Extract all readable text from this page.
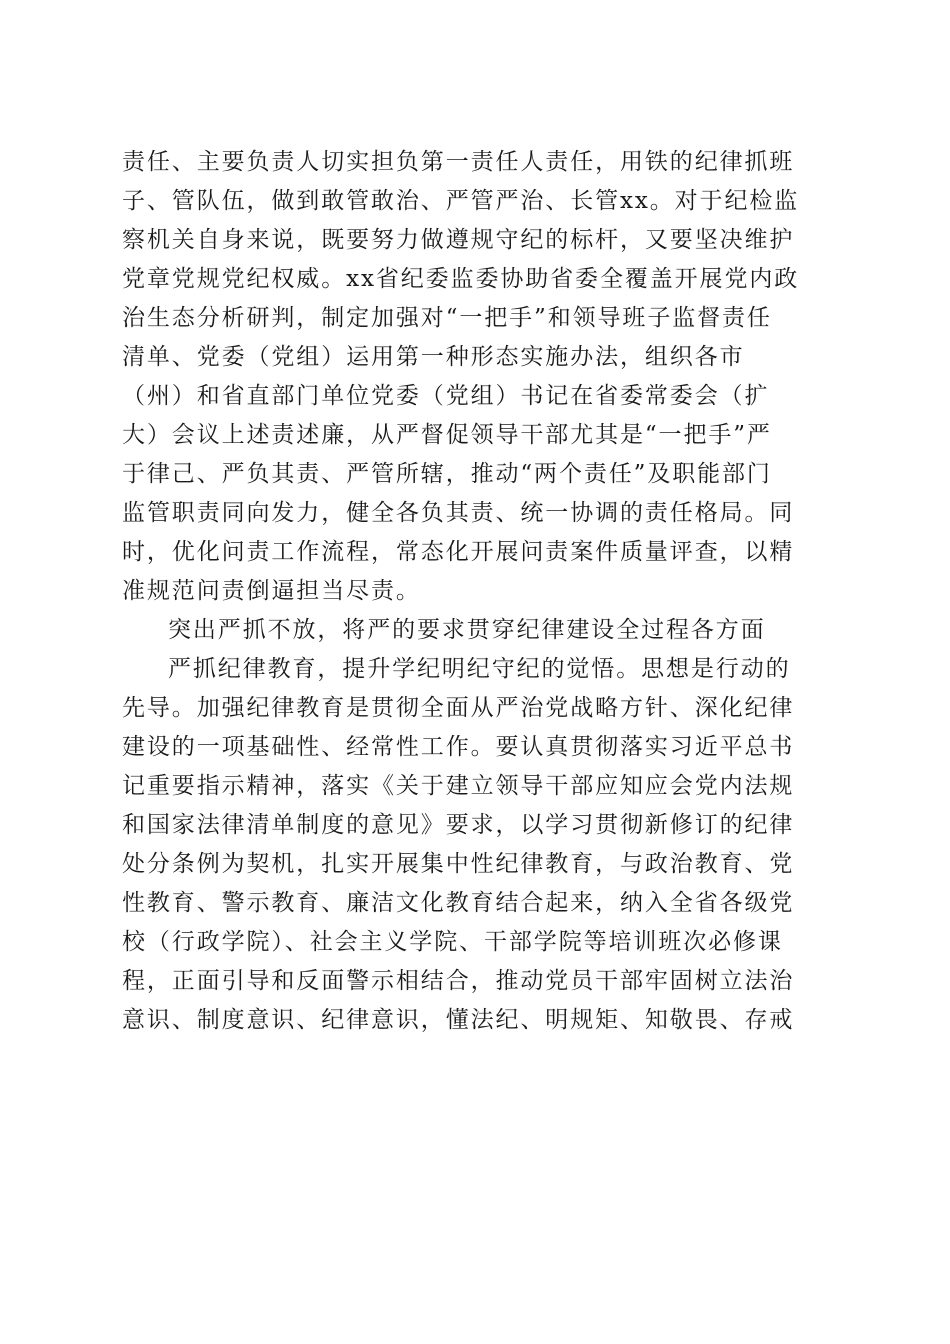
责任、主要负责人切实担负第一责任人责任，用铁的纪律抓班
子、管队伍，做到敢管敢治、严管严治、长管xx。对于纪检监
察机关自身来说，既要努力做遵规守纪的标杆，又要坚决维护
党章党规党纪权威。xx省纪委监委协助省委全覆盖开展党内政
治生态分析研判，制定加强对“一把手”和领导班子监督责任
清单、党委（党组）运用第一种形态实施办法，组织各市
（州）和省直部门单位党委（党组）书记在省委常委会（扩
大）会议上述责述廉，从严督促领导干部尤其是“一把手”严
于律己、严负其责、严管所辖，推动“两个责任”及职能部门
监管职责同向发力，健全各负其责、统一协调的责任格局。同
时，优化问责工作流程，常态化开展问责案件质量评查，以精
准规范问责倒逼担当尽责。
突出严抓不放，将严的要求贯穿纪律建设全过程各方面
严抓纪律教育，提升学纪明纪守纪的觉悟。思想是行动的
先导。加强纪律教育是贯彻全面从严治党战略方针、深化纪律
建设的一项基础性、经常性工作。要认真贯彻落实习近平总书
记重要指示精神，落实《关于建立领导干部应知应会党内法规
和国家法律清单制度的意见》要求，以学习贯彻新修订的纪律
处分条例为契机，扎实开展集中性纪律教育，与政治教育、党
性教育、警示教育、廉洁文化教育结合起来，纳入全省各级党
校（行政学院）、社会主义学院、干部学院等培训班次必修课
程，正面引导和反面警示相结合，推动党员干部牢固树立法治
意识、制度意识、纪律意识，懂法纪、明规矩、知敬畏、存戒
